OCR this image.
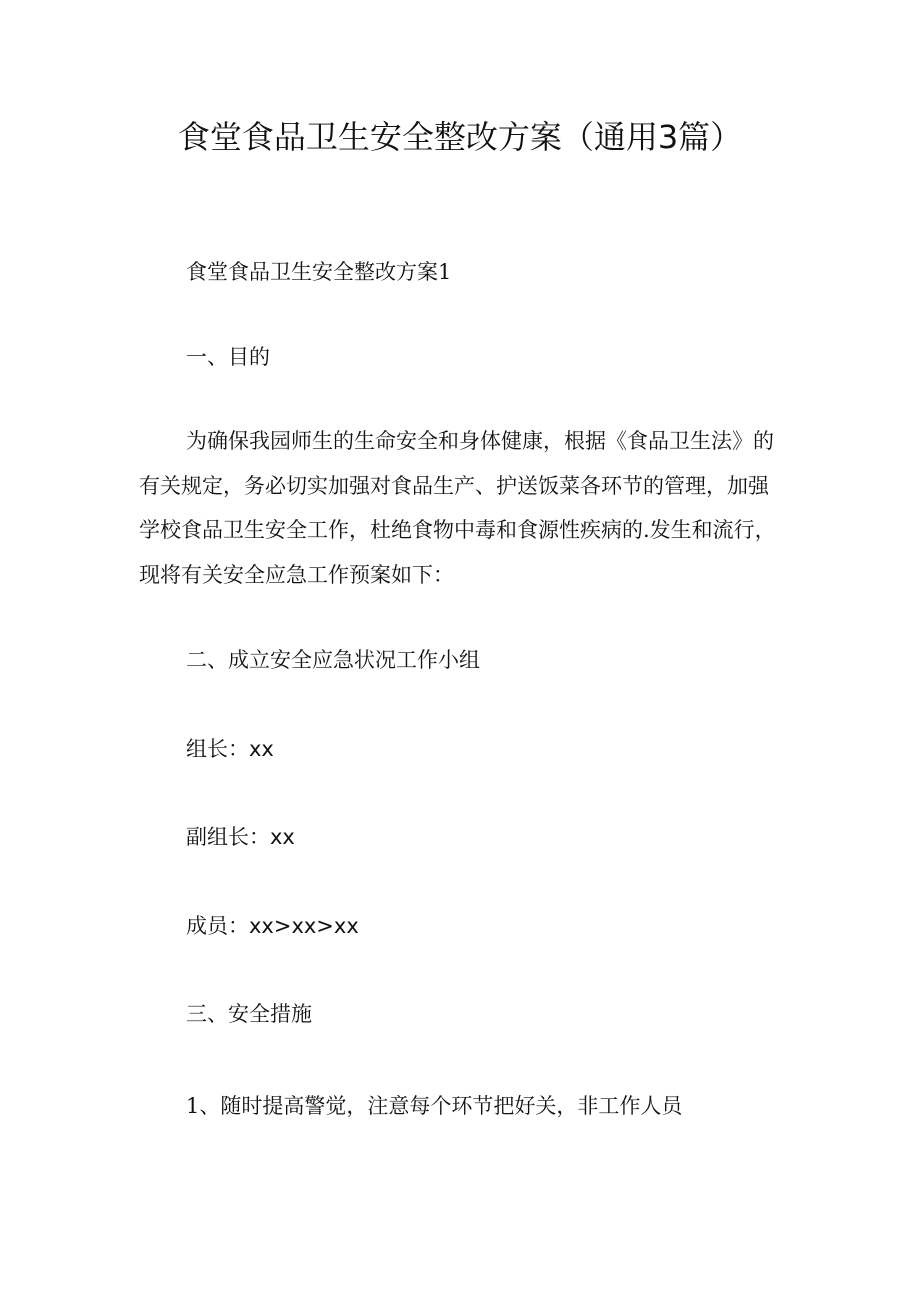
食堂食品卫生安全整改方案（通用3篇）
食堂食品卫生安全整改方案1
一、目的
为确保我园师生的生命安全和身体健康，根据《食品卫生法》的
有关规定，务必切实加强对食品生产、护送饭菜各环节的管理，加强
学校食品卫生安全工作，杜绝食物中毒和食源性疾病的.发生和流行，
现将有关安全应急工作预案如下：
二、成立安全应急状况工作小组
组长：xx
副组长：xx
成员：xx>xx>xx
三、安全措施
1、随时提高警觉，注意每个环节把好关，非工作人员
